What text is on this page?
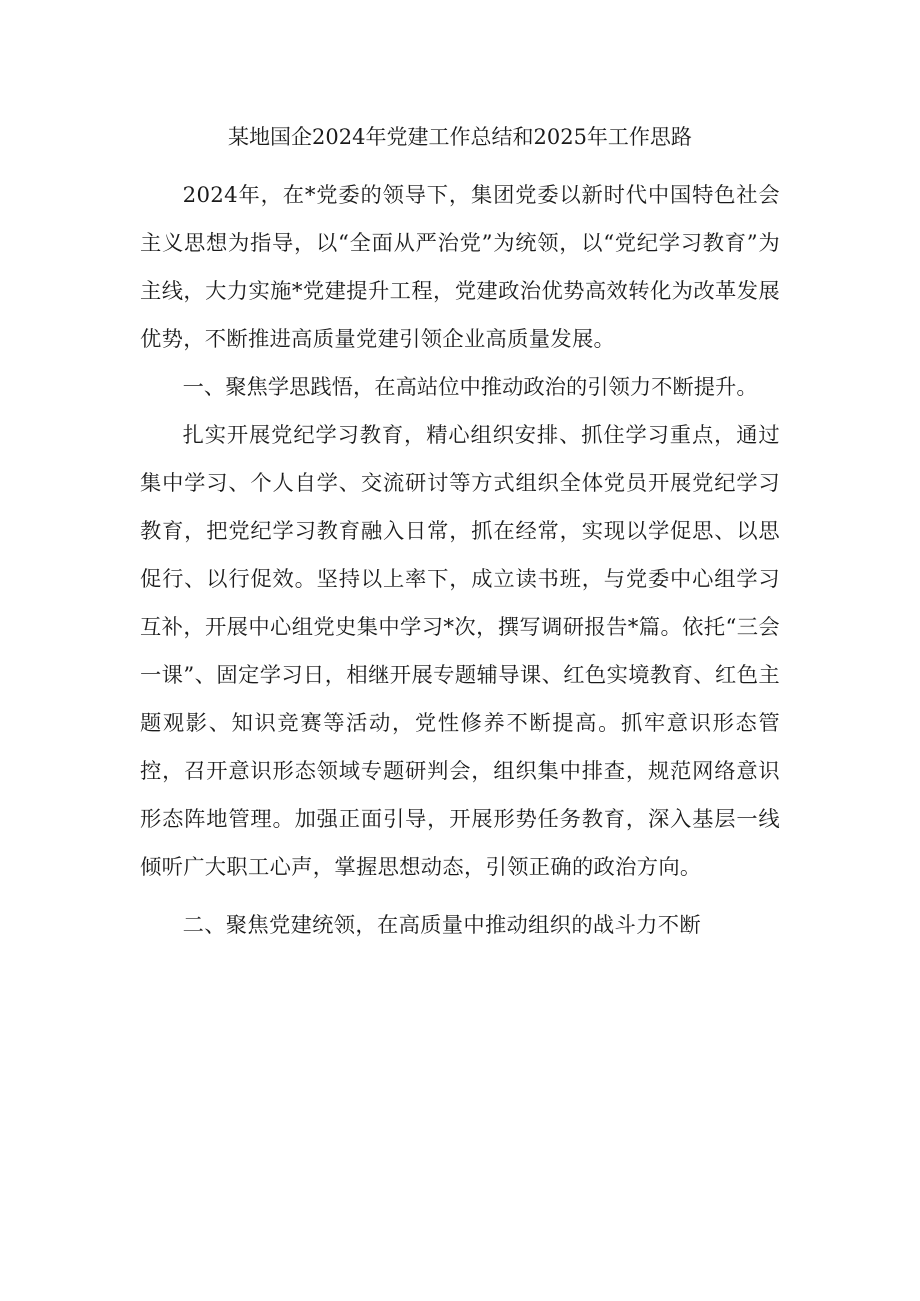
某地国企2024年党建工作总结和2025年工作思路

2024年，在*党委的领导下，集团党委以新时代中国特色社会主义思想为指导，以“全面从严治党”为统领，以“党纪学习教育”为主线，大力实施*党建提升工程，党建政治优势高效转化为改革发展优势，不断推进高质量党建引领企业高质量发展。

一、聚焦学思践悟，在高站位中推动政治的引领力不断提升。

扎实开展党纪学习教育，精心组织安排、抓住学习重点，通过集中学习、个人自学、交流研讨等方式组织全体党员开展党纪学习教育，把党纪学习教育融入日常，抓在经常，实现以学促思、以思促行、以行促效。坚持以上率下，成立读书班，与党委中心组学习互补，开展中心组党史集中学习*次，撰写调研报告*篇。依托“三会一课”、固定学习日，相继开展专题辅导课、红色实境教育、红色主题观影、知识竞赛等活动，党性修养不断提高。抓牢意识形态管控，召开意识形态领域专题研判会，组织集中排查，规范网络意识形态阵地管理。加强正面引导，开展形势任务教育，深入基层一线倾听广大职工心声，掌握思想动态，引领正确的政治方向。

二、聚焦党建统领，在高质量中推动组织的战斗力不断
